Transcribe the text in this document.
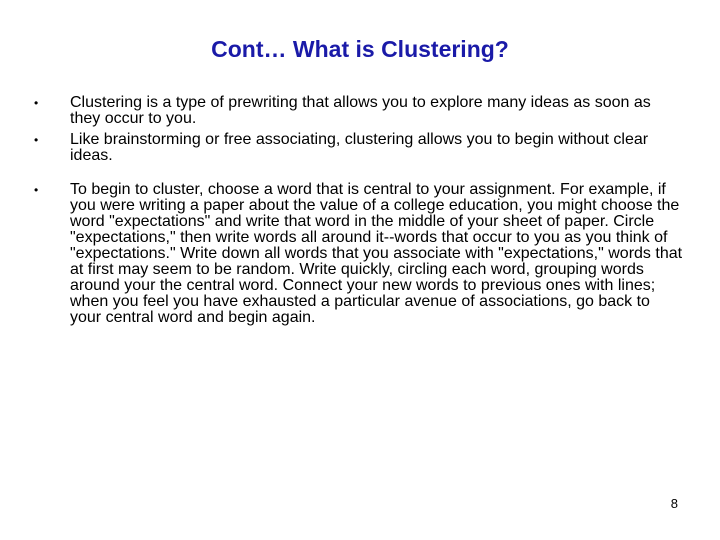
Cont… What is Clustering?
• Clustering is a type of prewriting that allows you to explore many ideas as soon as they occur to you.
• Like brainstorming or free associating, clustering allows you to begin without clear ideas.
• To begin to cluster, choose a word that is central to your assignment. For example, if you were writing a paper about the value of a college education, you might choose the word "expectations" and write that word in the middle of your sheet of paper. Circle "expectations," then write words all around it--words that occur to you as you think of "expectations." Write down all words that you associate with "expectations," words that at first may seem to be random. Write quickly, circling each word, grouping words around your the central word. Connect your new words to previous ones with lines; when you feel you have exhausted a particular avenue of associations, go back to your central word and begin again.
8
